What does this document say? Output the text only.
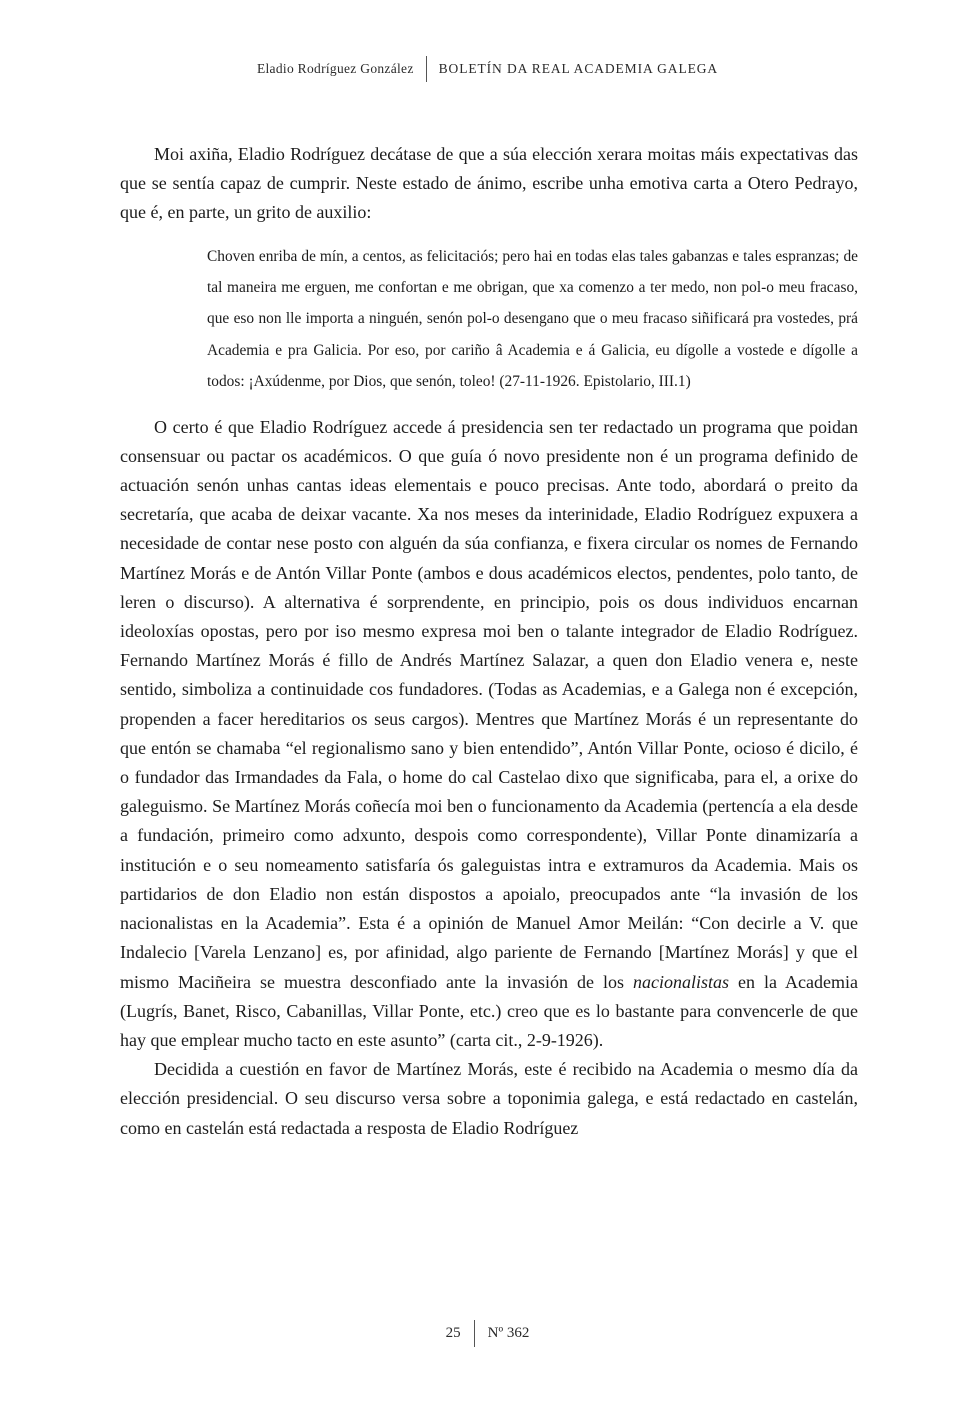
Eladio Rodríguez González BOLETÍN DA REAL ACADEMIA GALEGA

Moi axiña, Eladio Rodríguez decátase de que a súa elección xerara moitas máis expectativas das que se sentía capaz de cumprir. Neste estado de ánimo, escribe unha emotiva carta a Otero Pedrayo, que é, en parte, un grito de auxilio:

Choven enriba de mín, a centos, as felicitaciós; pero hai en todas elas tales gabanzas e tales espranzas; de tal maneira me erguen, me confortan e me obrigan, que xa comenzo a ter medo, non pol-o meu fracaso, que eso non lle importa a ninguén, senón pol-o desengano que o meu fracaso siñificará pra vostedes, prá Academia e pra Galicia. Por eso, por cariño â Academia e á Galicia, eu dígolle a vostede e dígolle a todos: ¡Axúdenme, por Dios, que senón, toleo! (27-11-1926. Epistolario, III.1)

O certo é que Eladio Rodríguez accede á presidencia sen ter redactado un programa que poidan consensuar ou pactar os académicos. O que guía ó novo presidente non é un programa definido de actuación senón unhas cantas ideas elementais e pouco precisas. Ante todo, abordará o preito da secretaría, que acaba de deixar vacante. Xa nos meses da interinidade, Eladio Rodríguez expuxera a necesidade de contar nese posto con alguén da súa confianza, e fixera circular os nomes de Fernando Martínez Morás e de Antón Villar Ponte (ambos e dous académicos electos, pendentes, polo tanto, de leren o discurso). A alternativa é sorprendente, en principio, pois os dous individuos encarnan ideoloxías opostas, pero por iso mesmo expresa moi ben o talante integrador de Eladio Rodríguez. Fernando Martínez Morás é fillo de Andrés Martínez Salazar, a quen don Eladio venera e, neste sentido, simboliza a continuidade cos fundadores. (Todas as Academias, e a Galega non é excepción, propenden a facer hereditarios os seus cargos). Mentres que Martínez Morás é un representante do que entón se chamaba “el regionalismo sano y bien entendido”, Antón Villar Ponte, ocioso é dicilo, é o fundador das Irmandades da Fala, o home do cal Castelao dixo que significaba, para el, a orixe do galeguismo. Se Martínez Morás coñecía moi ben o funcionamento da Academia (pertencía a ela desde a fundación, primeiro como adxunto, despois como correspondente), Villar Ponte dinamizaría a institución e o seu nomeamento satisfaría ós galeguistas intra e extramuros da Academia. Mais os partidarios de don Eladio non están dispostos a apoialo, preocupados ante “la invasión de los nacionalistas en la Academia”. Esta é a opinión de Manuel Amor Meilán: “Con decirle a V. que Indalecio [Varela Lenzano] es, por afinidad, algo pariente de Fernando [Martínez Morás] y que el mismo Maciñeira se muestra desconfiado ante la invasión de los nacionalistas en la Academia (Lugrís, Banet, Risco, Cabanillas, Villar Ponte, etc.) creo que es lo bastante para convencerle de que hay que emplear mucho tacto en este asunto” (carta cit., 2-9-1926).

Decidida a cuestión en favor de Martínez Morás, este é recibido na Academia o mesmo día da elección presidencial. O seu discurso versa sobre a toponimia galega, e está redactado en castelán, como en castelán está redactada a resposta de Eladio Rodríguez

25 Nº 362
